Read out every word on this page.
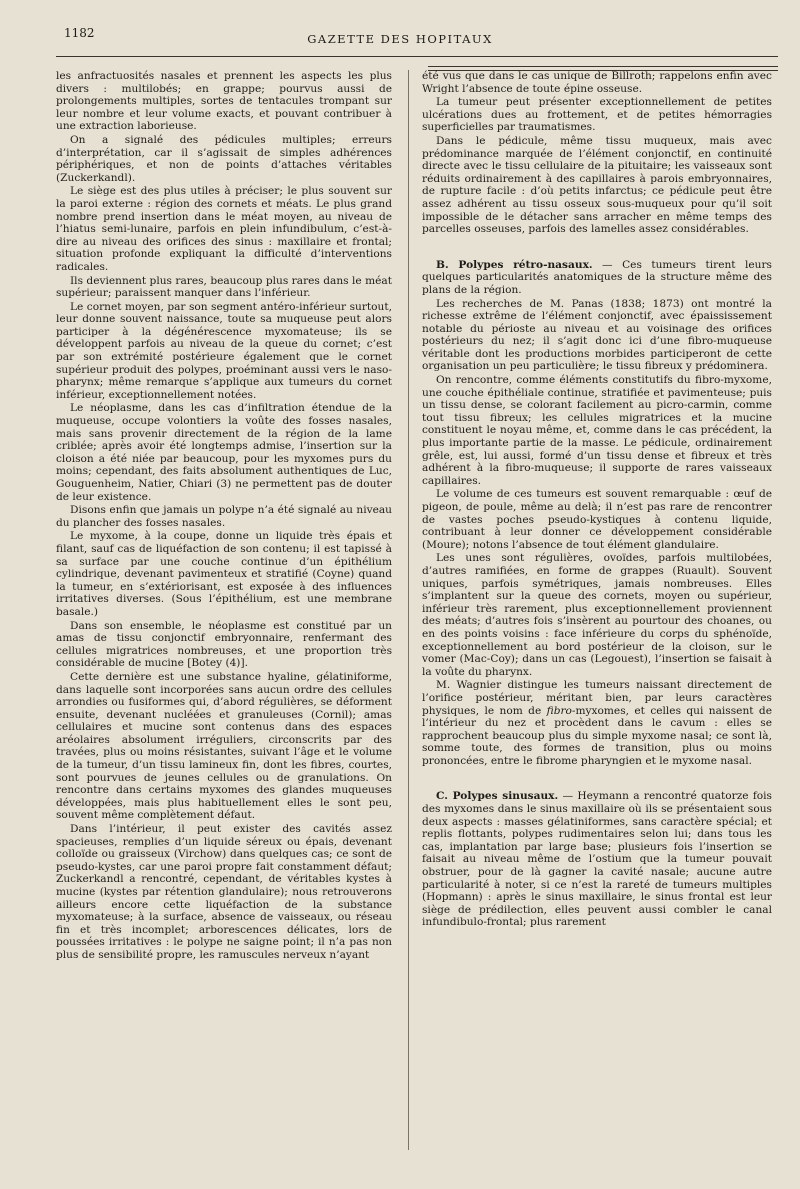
1182	GAZETTE DES HOPITAUX

les anfractuosités nasales et prennent les aspects les plus divers : multilobés; en grappe; pourvus aussi de prolongements multiples, sortes de tentacules trompant sur leur nombre et leur volume exacts, et pouvant contribuer à une extraction laborieuse.

On a signalé des pédicules multiples; erreurs d’interprétation, car il s’agissait de simples adhérences périphériques, et non de points d’attaches véritables (Zuckerkandl).

Le siège est des plus utiles à préciser; le plus souvent sur la paroi externe : région des cornets et méats. Le plus grand nombre prend insertion dans le méat moyen, au niveau de l’hiatus semi-lunaire, parfois en plein infundibulum, c’est-à-dire au niveau des orifices des sinus : maxillaire et frontal; situation profonde expliquant la difficulté d’interventions radicales.

Ils deviennent plus rares, beaucoup plus rares dans le méat supérieur; paraissent manquer dans l’inférieur.

Le cornet moyen, par son segment antéro-inférieur surtout, leur donne souvent naissance, toute sa muqueuse peut alors participer à la dégénérescence myxomateuse; ils se développent parfois au niveau de la queue du cornet; c’est par son extrémité postérieure également que le cornet supérieur produit des polypes, proéminant aussi vers le naso-pharynx; même remarque s’applique aux tumeurs du cornet inférieur, exceptionnellement notées.

Le néoplasme, dans les cas d’infiltration étendue de la muqueuse, occupe volontiers la voûte des fosses nasales, mais sans provenir directement de la région de la lame criblée; après avoir été longtemps admise, l’insertion sur la cloison a été niée par beaucoup, pour les myxomes purs du moins; cependant, des faits absolument authentiques de Luc, Gouguenheim, Natier, Chiari (3) ne permettent pas de douter de leur existence.

Disons enfin que jamais un polype n’a été signalé au niveau du plancher des fosses nasales.

Le myxome, à la coupe, donne un liquide très épais et filant, sauf cas de liquéfaction de son contenu; il est tapissé à sa surface par une couche continue d’un épithélium cylindrique, devenant pavimenteux et stratifié (Coyne) quand la tumeur, en s’extériorisant, est exposée à des influences irritatives diverses. (Sous l’épithélium, est une membrane basale.)

Dans son ensemble, le néoplasme est constitué par un amas de tissu conjonctif embryonnaire, renfermant des cellules migratrices nombreuses, et une proportion très considérable de mucine [Botey (4)].

Cette dernière est une substance hyaline, gélatiniforme, dans laquelle sont incorporées sans aucun ordre des cellules arrondies ou fusiformes qui, d’abord régulières, se déforment ensuite, devenant nucléées et granuleuses (Cornil); amas cellulaires et mucine sont contenus dans des espaces aréolaires absolument irréguliers, circonscrits par des travées, plus ou moins résistantes, suivant l’âge et le volume de la tumeur, d’un tissu lamineux fin, dont les fibres, courtes, sont pourvues de jeunes cellules ou de granulations. On rencontre dans certains myxomes des glandes muqueuses développées, mais plus habituellement elles le sont peu, souvent même complètement défaut.

Dans l’intérieur, il peut exister des cavités assez spacieuses, remplies d’un liquide séreux ou épais, devenant colloïde ou graisseux (Virchow) dans quelques cas; ce sont de pseudo-kystes, car une paroi propre fait constamment défaut; Zuckerkandl a rencontré, cependant, de véritables kystes à mucine (kystes par rétention glandulaire); nous retrouverons ailleurs encore cette liquéfaction de la substance myxomateuse; à la surface, absence de vaisseaux, ou réseau fin et très incomplet; arborescences délicates, lors de poussées irritatives : le polype ne saigne point; il n’a pas non plus de sensibilité propre, les ramuscules nerveux n’ayant

été vus que dans le cas unique de Billroth; rappelons enfin avec Wright l’absence de toute épine osseuse.

La tumeur peut présenter exceptionnellement de petites ulcérations dues au frottement, et de petites hémorragies superficielles par traumatismes.

Dans le pédicule, même tissu muqueux, mais avec prédominance marquée de l’élément conjonctif, en continuité directe avec le tissu cellulaire de la pituitaire; les vaisseaux sont réduits ordinairement à des capillaires à parois embryonnaires, de rupture facile : d’où petits infarctus; ce pédicule peut être assez adhérent au tissu osseux sous-muqueux pour qu’il soit impossible de le détacher sans arracher en même temps des parcelles osseuses, parfois des lamelles assez considérables.

B. Polypes rétro-nasaux. — Ces tumeurs tirent leurs quelques particularités anatomiques de la structure même des plans de la région.

Les recherches de M. Panas (1838; 1873) ont montré la richesse extrême de l’élément conjonctif, avec épaississement notable du périoste au niveau et au voisinage des orifices postérieurs du nez; il s’agit donc ici d’une fibro-muqueuse véritable dont les productions morbides participeront de cette organisation un peu particulière; le tissu fibreux y prédominera.

On rencontre, comme éléments constitutifs du fibro-myxome, une couche épithéliale continue, stratifiée et pavimenteuse; puis un tissu dense, se colorant facilement au picro-carmin, comme tout tissu fibreux; les cellules migratrices et la mucine constituent le noyau même, et, comme dans le cas précédent, la plus importante partie de la masse. Le pédicule, ordinairement grêle, est, lui aussi, formé d’un tissu dense et fibreux et très adhérent à la fibro-muqueuse; il supporte de rares vaisseaux capillaires.

Le volume de ces tumeurs est souvent remarquable : œuf de pigeon, de poule, même au delà; il n’est pas rare de rencontrer de vastes poches pseudo-kystiques à contenu liquide, contribuant à leur donner ce développement considérable (Moure); notons l’absence de tout élément glandulaire.

Les unes sont régulières, ovoïdes, parfois multilobées, d’autres ramifiées, en forme de grappes (Ruault). Souvent uniques, parfois symétriques, jamais nombreuses. Elles s’implantent sur la queue des cornets, moyen ou supérieur, inférieur très rarement, plus exceptionnellement proviennent des méats; d’autres fois s’insèrent au pourtour des choanes, ou en des points voisins : face inférieure du corps du sphénoïde, exceptionnellement au bord postérieur de la cloison, sur le vomer (Mac-Coy); dans un cas (Legouest), l’insertion se faisait à la voûte du pharynx.

M. Wagnier distingue les tumeurs naissant directement de l’orifice postérieur, méritant bien, par leurs caractères physiques, le nom de fibro-myxomes, et celles qui naissent de l’intérieur du nez et procèdent dans le cavum : elles se rapprochent beaucoup plus du simple myxome nasal; ce sont là, somme toute, des formes de transition, plus ou moins prononcées, entre le fibrome pharyngien et le myxome nasal.

C. Polypes sinusaux. — Heymann a rencontré quatorze fois des myxomes dans le sinus maxillaire où ils se présentaient sous deux aspects : masses gélatiniformes, sans caractère spécial; et replis flottants, polypes rudimentaires selon lui; dans tous les cas, implantation par large base; plusieurs fois l’insertion se faisait au niveau même de l’ostium que la tumeur pouvait obstruer, pour de là gagner la cavité nasale; aucune autre particularité à noter, si ce n’est la rareté de tumeurs multiples (Hopmann) : après le sinus maxillaire, le sinus frontal est leur siège de prédilection, elles peuvent aussi combler le canal infundibulo-frontal; plus rarement
